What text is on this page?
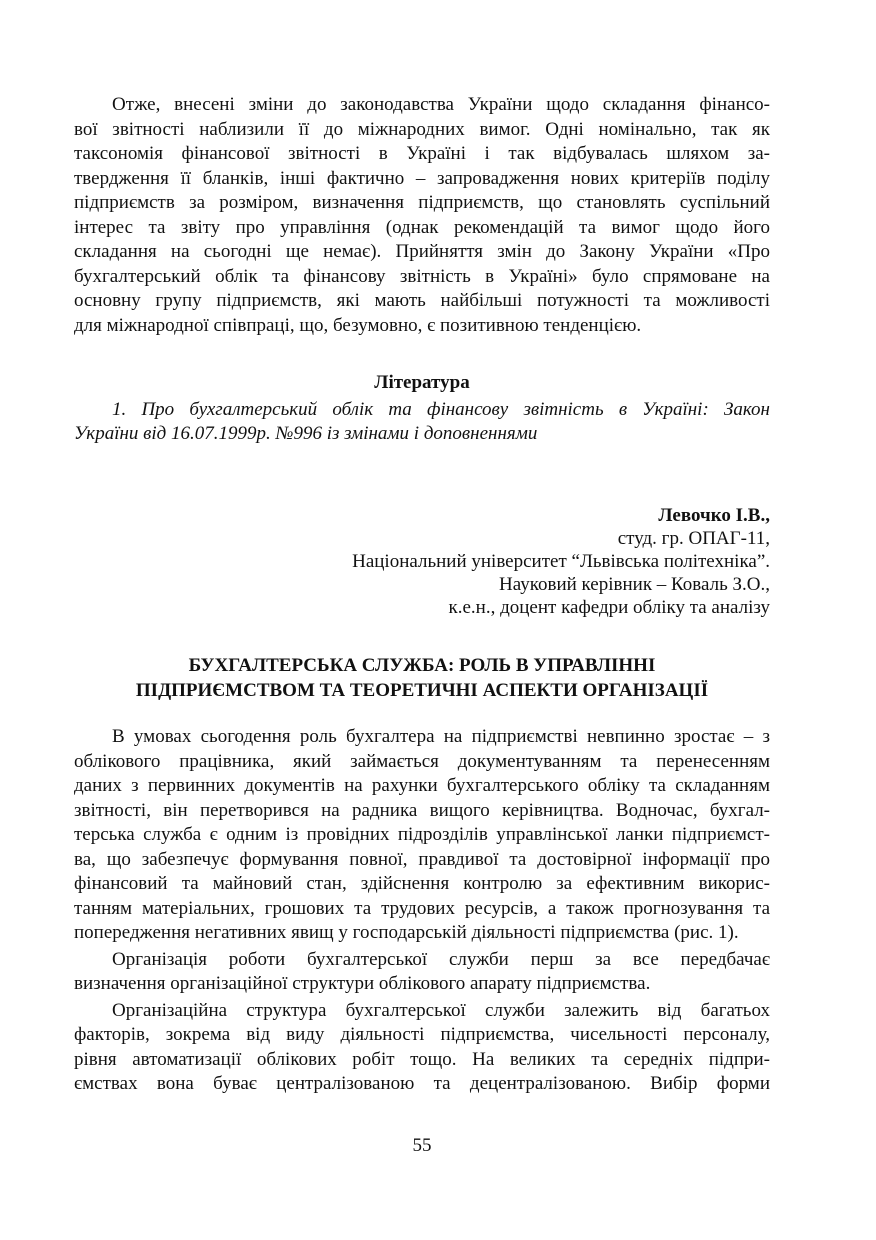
Отже, внесені зміни до законодавства України щодо складання фінансо-
вої звітності наблизили її до міжнародних вимог. Одні номінально, так як
таксономія фінансової звітності в Україні і так відбувалась шляхом за-
твердження її бланків, інші фактично – запровадження нових критеріїв поділу
підприємств за розміром, визначення підприємств, що становлять суспільний
інтерес та звіту про управління (однак рекомендацій та вимог щодо його
складання на сьогодні ще немає). Прийняття змін до Закону України «Про
бухгалтерський облік та фінансову звітність в Україні» було спрямоване на
основну групу підприємств, які мають найбільші потужності та можливості
для міжнародної співпраці, що, безумовно, є позитивною тенденцією.
Література
1. Про бухгалтерський облік та фінансову звітність в Україні: Закон
України від 16.07.1999р. №996 із змінами і доповненнями
Левочко І.В.,
студ. гр. ОПАГ-11,
Національний університет “Львівська політехніка”.
Науковий керівник – Коваль З.О.,
к.е.н., доцент кафедри обліку та аналізу
БУХГАЛТЕРСЬКА СЛУЖБА: РОЛЬ В УПРАВЛІННІ
ПІДПРИЄМСТВОМ ТА ТЕОРЕТИЧНІ АСПЕКТИ ОРГАНІЗАЦІЇ
В умовах сьогодення роль бухгалтера на підприємстві невпинно зростає – з
облікового працівника, який займається документуванням та перенесенням
даних з первинних документів на рахунки бухгалтерського обліку та складанням
звітності, він перетворився на радника вищого керівництва. Водночас, бухгал-
терська служба є одним із провідних підрозділів управлінської ланки підприємст-
ва, що забезпечує формування повної, правдивої та достовірної інформації про
фінансовий та майновий стан, здійснення контролю за ефективним викорис-
танням матеріальних, грошових та трудових ресурсів, а також прогнозування та
попередження негативних явищ у господарській діяльності підприємства (рис. 1).
Організація роботи бухгалтерської служби перш за все передбачає
визначення організаційної структури облікового апарату підприємства.
Організаційна структура бухгалтерської служби залежить від багатьох
факторів, зокрема від виду діяльності підприємства, чисельності персоналу,
рівня автоматизації облікових робіт тощо. На великих та середніх підпри-
ємствах вона буває централізованою та децентралізованою. Вибір форми
55
